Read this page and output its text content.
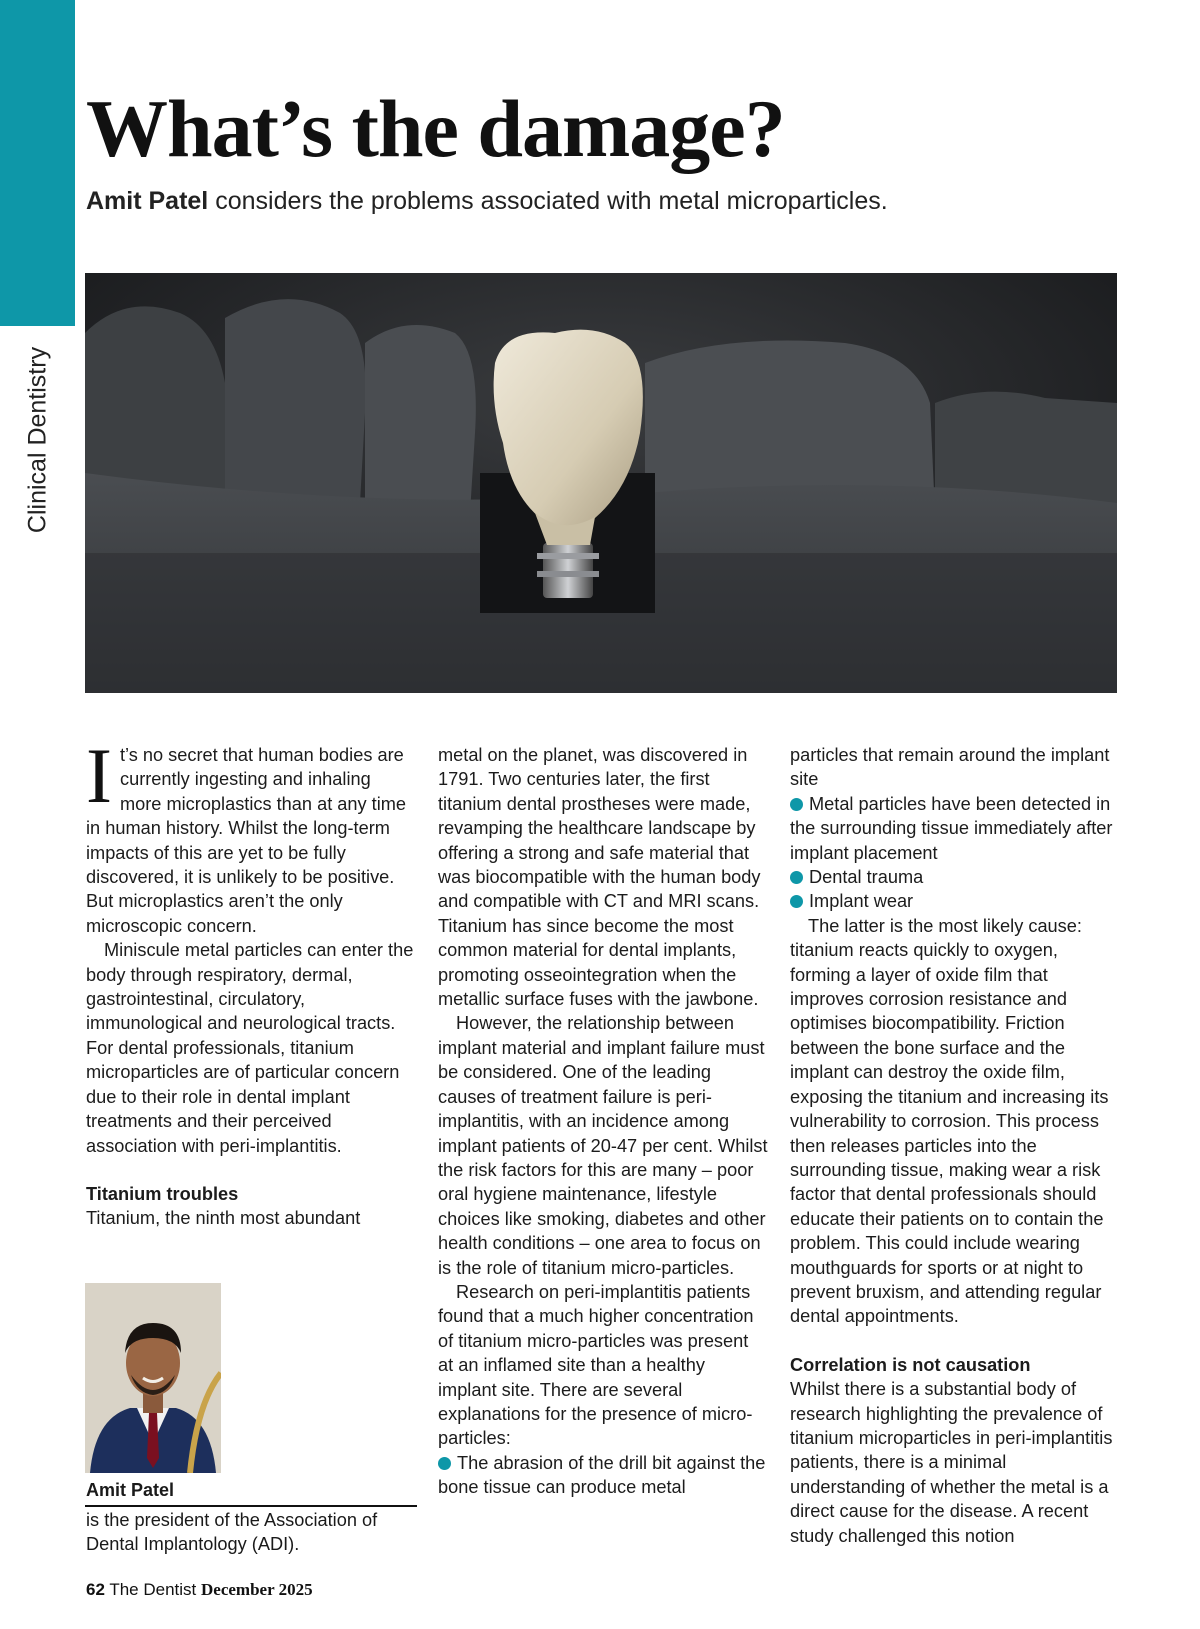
Clinical Dentistry
What’s the damage?

Amit Patel considers the problems associated with metal microparticles.

It’s no secret that human bodies are currently ingesting and inhaling more microplastics than at any time in human history. Whilst the long-term impacts of this are yet to be fully discovered, it is unlikely to be positive. But microplastics aren’t the only microscopic concern.

Miniscule metal particles can enter the body through respiratory, dermal, gastrointestinal, circulatory, immunological and neurological tracts. For dental professionals, titanium microparticles are of particular concern due to their role in dental implant treatments and their perceived association with peri-implantitis.

Titanium troubles

Titanium, the ninth most abundant

metal on the planet, was discovered in 1791. Two centuries later, the first titanium dental prostheses were made, revamping the healthcare landscape by offering a strong and safe material that was biocompatible with the human body and compatible with CT and MRI scans. Titanium has since become the most common material for dental implants, promoting osseointegration when the metallic surface fuses with the jawbone.

However, the relationship between implant material and implant failure must be considered. One of the leading causes of treatment failure is peri-implantitis, with an incidence among implant patients of 20-47 per cent. Whilst the risk factors for this are many – poor oral hygiene maintenance, lifestyle choices like smoking, diabetes and other health conditions – one area to focus on is the role of titanium micro-particles.

Research on peri-implantitis patients found that a much higher concentration of titanium micro-particles was present at an inflamed site than a healthy implant site. There are several explanations for the presence of micro-particles:

The abrasion of the drill bit against the bone tissue can produce metal

particles that remain around the implant site

Metal particles have been detected in the surrounding tissue immediately after implant placement

Dental trauma

Implant wear

The latter is the most likely cause: titanium reacts quickly to oxygen, forming a layer of oxide film that improves corrosion resistance and optimises biocompatibility. Friction between the bone surface and the implant can destroy the oxide film, exposing the titanium and increasing its vulnerability to corrosion. This process then releases particles into the surrounding tissue, making wear a risk factor that dental professionals should educate their patients on to contain the problem. This could include wearing mouthguards for sports or at night to prevent bruxism, and attending regular dental appointments.

Correlation is not causation

Whilst there is a substantial body of research highlighting the prevalence of titanium microparticles in peri-implantitis patients, there is a minimal understanding of whether the metal is a direct cause for the disease. A recent study challenged this notion

Amit Patel

is the president of the Association of Dental Implantology (ADI).

62 The Dentist December 2025
